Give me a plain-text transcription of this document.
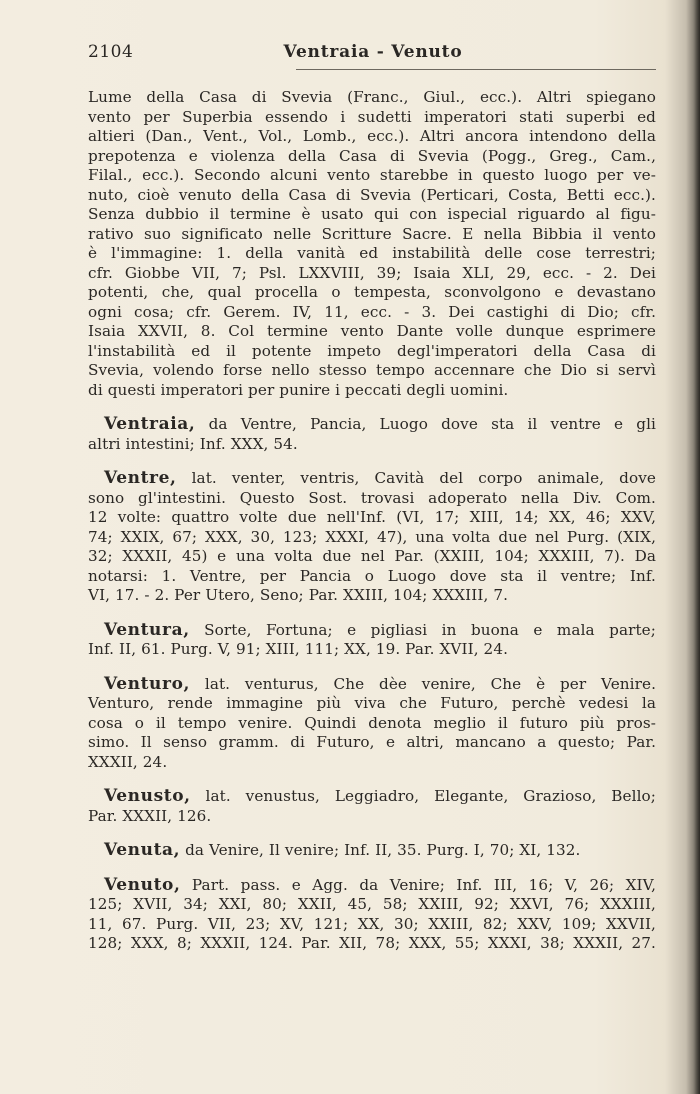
2104	Ventraia - Venuto
Lume della Casa di Svevia (Franc., Giul., ecc.). Altri spiegano
vento per Superbia essendo i sudetti imperatori stati superbi ed
altieri (Dan., Vent., Vol., Lomb., ecc.). Altri ancora intendono della
prepotenza e violenza della Casa di Svevia (Pogg., Greg., Cam.,
Filal., ecc.). Secondo alcuni vento starebbe in questo luogo per ve-
nuto, cioè venuto della Casa di Svevia (Perticari, Costa, Betti ecc.).
Senza dubbio il termine è usato qui con ispecial riguardo al figu-
rativo suo significato nelle Scritture Sacre. E nella Bibbia il vento
è l'immagine: 1. della vanità ed instabilità delle cose terrestri;
cfr. Giobbe VII, 7; Psl. LXXVIII, 39; Isaia XLI, 29, ecc. - 2. Dei
potenti, che, qual procella o tempesta, sconvolgono e devastano
ogni cosa; cfr. Gerem. IV, 11, ecc. - 3. Dei castighi di Dio; cfr.
Isaia XXVII, 8. Col termine vento Dante volle dunque esprimere
l'instabilità ed il potente impeto degl'imperatori della Casa di
Svevia, volendo forse nello stesso tempo accennare che Dio si servì
di questi imperatori per punire i peccati degli uomini.
Ventraia, da Ventre, Pancia, Luogo dove sta il ventre e gli
altri intestini; Inf. XXX, 54.
Ventre, lat. venter, ventris, Cavità del corpo animale, dove
sono gl'intestini. Questo Sost. trovasi adoperato nella Div. Com.
12 volte: quattro volte due nell'Inf. (VI, 17; XIII, 14; XX, 46; XXV,
74; XXIX, 67; XXX, 30, 123; XXXI, 47), una volta due nel Purg. (XIX,
32; XXXII, 45) e una volta due nel Par. (XXIII, 104; XXXIII, 7). Da
notarsi: 1. Ventre, per Pancia o Luogo dove sta il ventre; Inf.
VI, 17. - 2. Per Utero, Seno; Par. XXIII, 104; XXXIII, 7.
Ventura, Sorte, Fortuna; e pigliasi in buona e mala parte;
Inf. II, 61. Purg. V, 91; XIII, 111; XX, 19. Par. XVII, 24.
Venturo, lat. venturus, Che dèe venire, Che è per Venire.
Venturo, rende immagine più viva che Futuro, perchè vedesi la
cosa o il tempo venire. Quindi denota meglio il futuro più pros-
simo. Il senso gramm. di Futuro, e altri, mancano a questo; Par.
XXXII, 24.
Venusto, lat. venustus, Leggiadro, Elegante, Grazioso, Bello;
Par. XXXII, 126.
Venuta, da Venire, Il venire; Inf. II, 35. Purg. I, 70; XI, 132.
Venuto, Part. pass. e Agg. da Venire; Inf. III, 16; V, 26; XIV,
125; XVII, 34; XXI, 80; XXII, 45, 58; XXIII, 92; XXVI, 76; XXXIII,
11, 67. Purg. VII, 23; XV, 121; XX, 30; XXIII, 82; XXV, 109; XXVII,
128; XXX, 8; XXXII, 124. Par. XII, 78; XXX, 55; XXXI, 38; XXXII, 27.
